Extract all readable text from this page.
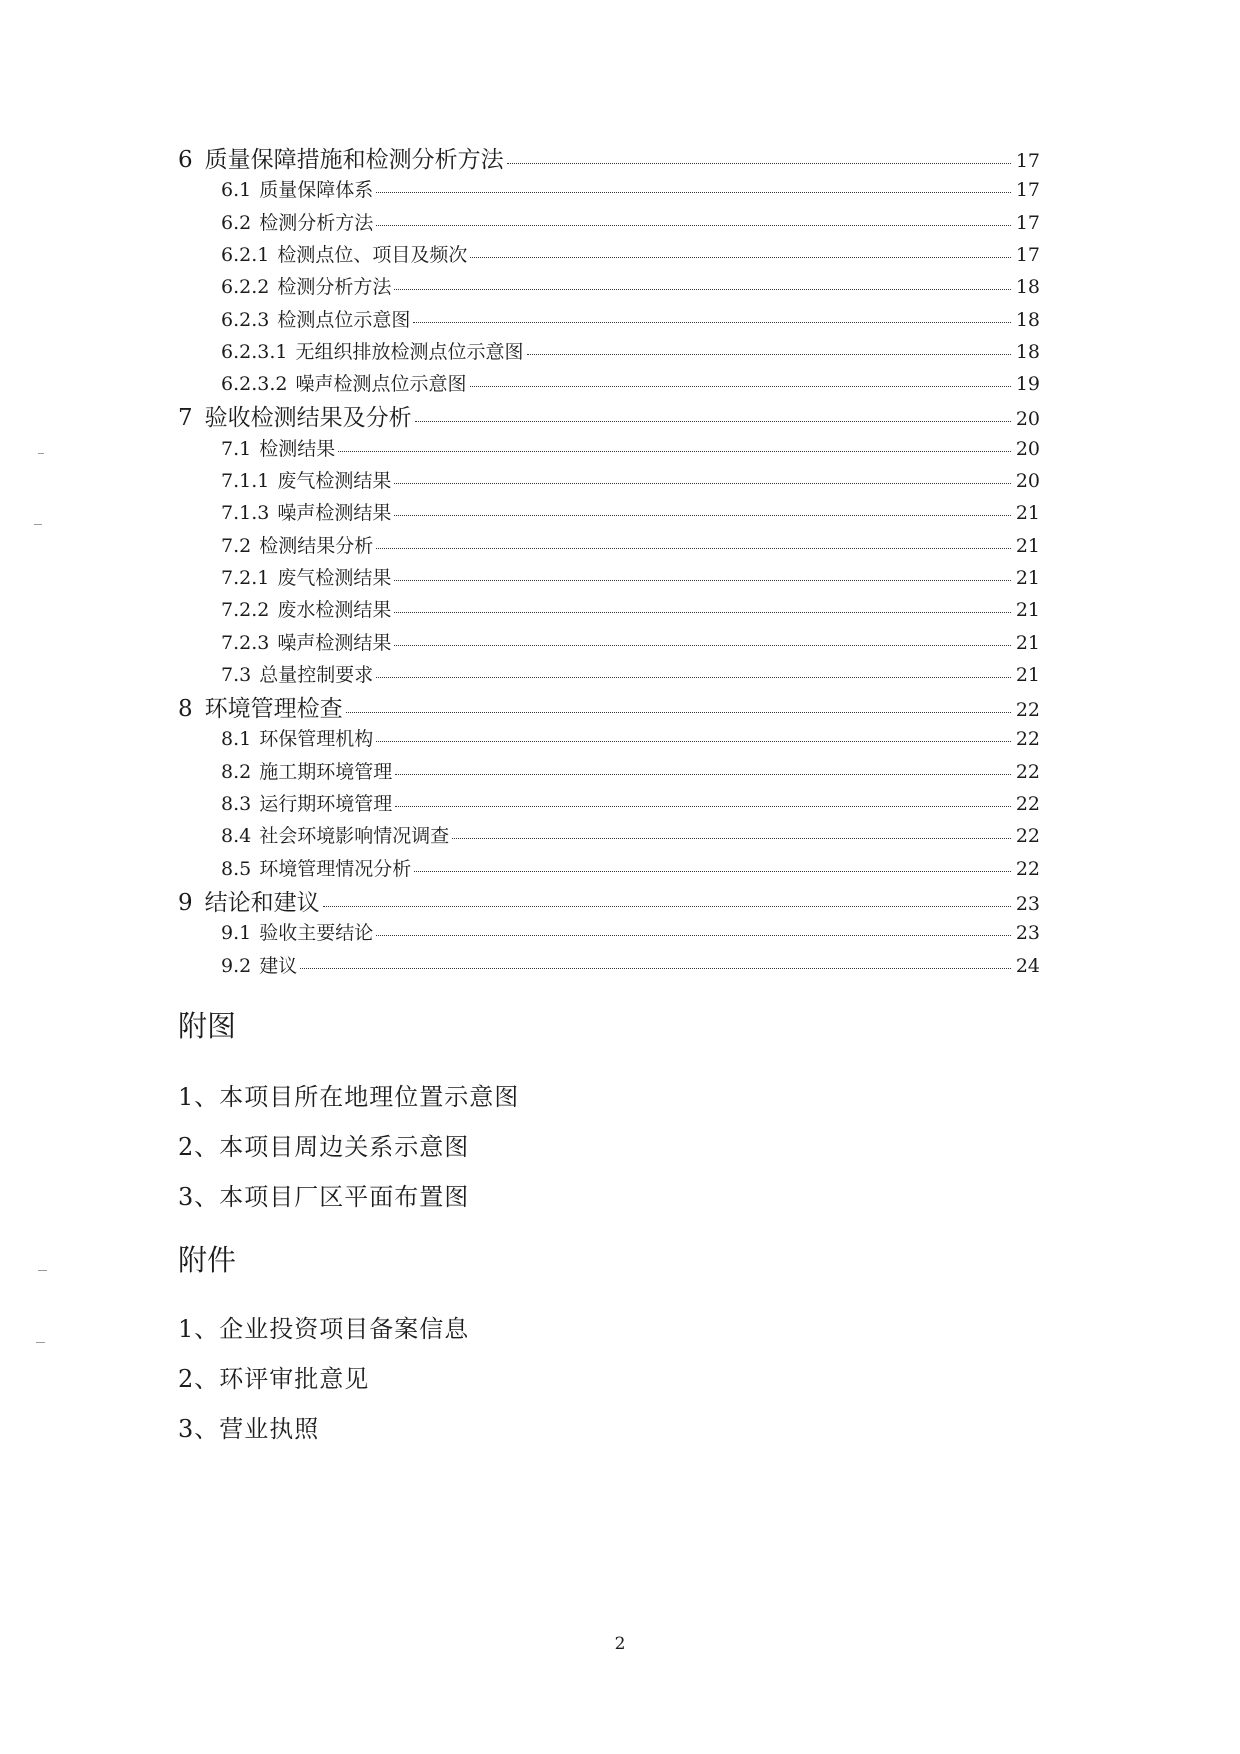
6 质量保障措施和检测分析方法	17
6.1 质量保障体系	17
6.2 检测分析方法	17
6.2.1 检测点位、项目及频次	17
6.2.2 检测分析方法	18
6.2.3 检测点位示意图	18
6.2.3.1 无组织排放检测点位示意图	18
6.2.3.2 噪声检测点位示意图	19
7 验收检测结果及分析	20
7.1 检测结果	20
7.1.1 废气检测结果	20
7.1.3 噪声检测结果	21
7.2 检测结果分析	21
7.2.1 废气检测结果	21
7.2.2 废水检测结果	21
7.2.3 噪声检测结果	21
7.3 总量控制要求	21
8 环境管理检查	22
8.1 环保管理机构	22
8.2 施工期环境管理	22
8.3 运行期环境管理	22
8.4 社会环境影响情况调查	22
8.5 环境管理情况分析	22
9 结论和建议	23
9.1 验收主要结论	23
9.2 建议	24
附图
1、本项目所在地理位置示意图
2、本项目周边关系示意图
3、本项目厂区平面布置图
附件
1、企业投资项目备案信息
2、环评审批意见
3、营业执照
2
